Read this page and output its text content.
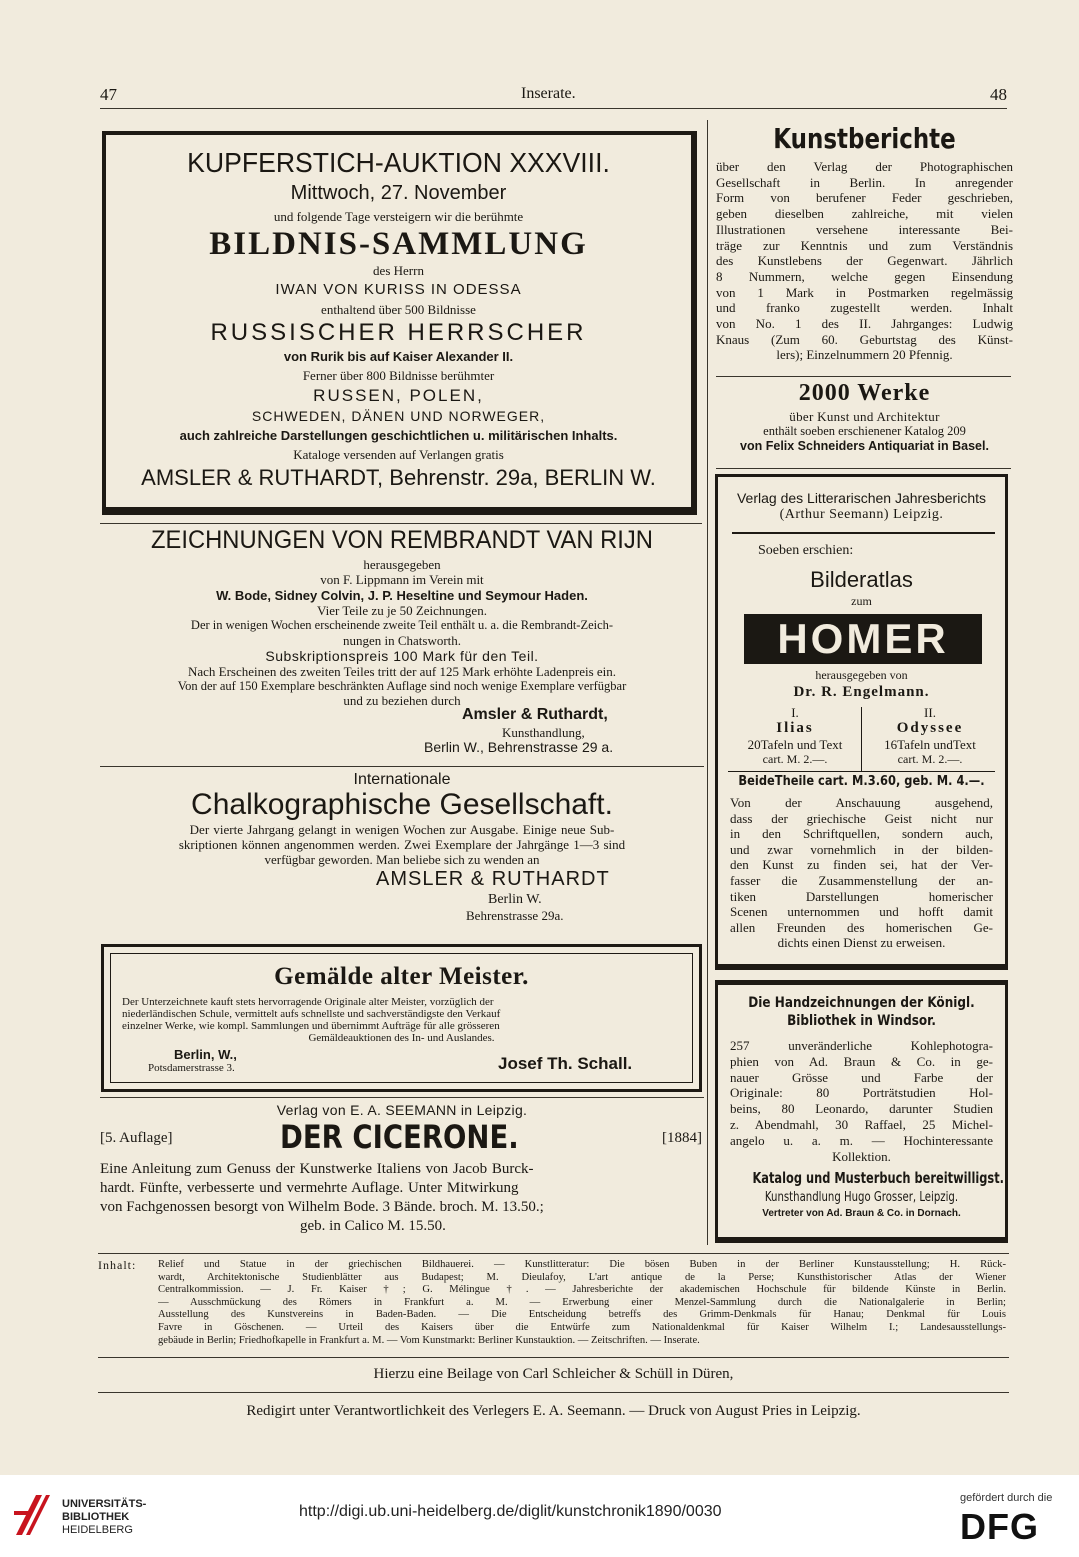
47	Inserate.	48

KUPFERSTICH-AUKTION XXXVIII.

Mittwoch, 27. November

und folgende Tage versteigern wir die berühmte

BILDNIS-SAMMLUNG

des Herrn

IWAN VON KURISS IN ODESSA

enthaltend über 500 Bildnisse

RUSSISCHER HERRSCHER

von Rurik bis auf Kaiser Alexander II.

Ferner über 800 Bildnisse berühmter

RUSSEN, POLEN,

SCHWEDEN, DÄNEN UND NORWEGER,

auch zahlreiche Darstellungen geschichtlichen u. militärischen Inhalts.

Kataloge versenden auf Verlangen gratis

AMSLER & RUTHARDT, Behrenstr. 29a, BERLIN W.

ZEICHNUNGEN VON REMBRANDT VAN RIJN

herausgegeben

von F. Lippmann im Verein mit

W. Bode, Sidney Colvin, J. P. Heseltine und Seymour Haden.

Vier Teile zu je 50 Zeichnungen.

Der in wenigen Wochen erscheinende zweite Teil enthält u. a. die Rembrandt-Zeich-

nungen in Chatsworth.

Subskriptionspreis 100 Mark für den Teil.

Nach Erscheinen des zweiten Teiles tritt der auf 125 Mark erhöhte Ladenpreis ein.

Von der auf 150 Exemplare beschränkten Auflage sind noch wenige Exemplare verfügbar

und zu beziehen durch

Amsler & Ruthardt,

Kunsthandlung,

Berlin W., Behrenstrasse 29 a.

Internationale

Chalkographische Gesellschaft.

Der vierte Jahrgang gelangt in wenigen Wochen zur Ausgabe. Einige neue Sub-

skriptionen können angenommen werden. Zwei Exemplare der Jahrgänge 1—3 sind

verfügbar geworden. Man beliebe sich zu wenden an

AMSLER & RUTHARDT

Berlin W.

Behrenstrasse 29a.

Gemälde alter Meister.

Der Unterzeichnete kauft stets hervorragende Originale alter Meister, vorzüglich der

niederländischen Schule, vermittelt aufs schnellste und sachverständigste den Verkauf

einzelner Werke, wie kompl. Sammlungen und übernimmt Aufträge für alle grösseren

Gemäldeauktionen des In- und Auslandes.

Berlin, W.,

Potsdamerstrasse 3.	Josef Th. Schall.

Verlag von E. A. SEEMANN in Leipzig.

[5. Auflage]	DER CICERONE.	[1884]

Eine Anleitung zum Genuss der Kunstwerke Italiens von Jacob Burck-

hardt. Fünfte, verbesserte und vermehrte Auflage. Unter Mitwirkung

von Fachgenossen besorgt von Wilhelm Bode. 3 Bände. broch. M. 13.50.;

geb. in Calico M. 15.50.

Kunstberichte

über den Verlag der Photographischen

Gesellschaft in Berlin. In anregender

Form von berufener Feder geschrieben,

geben dieselben zahlreiche, mit vielen

Illustrationen versehene interessante Bei-

träge zur Kenntnis und zum Verständnis

des Kunstlebens der Gegenwart. Jährlich

8 Nummern, welche gegen Einsendung

von 1 Mark in Postmarken regelmässig

und franko zugestellt werden. Inhalt

von No. 1 des II. Jahrganges: Ludwig

Knaus (Zum 60. Geburtstag des Künst-

lers); Einzelnummern 20 Pfennig.

2000 Werke

über Kunst und Architektur

enthält soeben erschienener Katalog 209

von Felix Schneiders Antiquariat in Basel.

Verlag des Litterarischen Jahresberichts

(Arthur Seemann) Leipzig.

Soeben erschien:

Bilderatlas

zum

HOMER

herausgegeben von

Dr. R. Engelmann.

I.

Ilias

20Tafeln und Text

cart. M. 2.—.

II.

Odyssee

16Tafeln undText

cart. M. 2.—.

BeideTheile cart. M.3.60, geb. M. 4.—.

Von der Anschauung ausgehend,

dass der griechische Geist nicht nur

in den Schriftquellen, sondern auch,

und zwar vornehmlich in der bilden-

den Kunst zu finden sei, hat der Ver-

fasser die Zusammenstellung der an-

tiken Darstellungen homerischer

Scenen unternommen und hofft damit

allen Freunden des homerischen Ge-

dichts einen Dienst zu erweisen.

Die Handzeichnungen der Königl.

Bibliothek in Windsor.

257 unveränderliche Kohlephotogra-

phien von Ad. Braun & Co. in ge-

nauer Grösse und Farbe der

Originale: 80 Porträtstudien Hol-

beins, 80 Leonardo, darunter Studien

z. Abendmahl, 30 Raffael, 25 Michel-

angelo u. a. m. — Hochinteressante

Kollektion.

Katalog und Musterbuch bereitwilligst.

Kunsthandlung Hugo Grosser, Leipzig.

Vertreter von Ad. Braun & Co. in Dornach.

Inhalt: Relief und Statue in der griechischen Bildhauerei. — Kunstlitteratur: Die bösen Buben in der Berliner Kunstausstellung; H. Rück-

wardt, Architektonische Studienblätter aus Budapest; M. Dieulafoy, L'art antique de la Perse; Kunsthistorischer Atlas der Wiener

Centralkommission. — J. Fr. Kaiser †; G. Mélingue †. — Jahresberichte der akademischen Hochschule für bildende Künste in Berlin.

— Ausschmückung des Römers in Frankfurt a. M. — Erwerbung einer Menzel-Sammlung durch die Nationalgalerie in Berlin;

Ausstellung des Kunstvereins in Baden-Baden. — Die Entscheidung betreffs des Grimm-Denkmals für Hanau; Denkmal für Louis

Favre in Göschenen. — Urteil des Kaisers über die Entwürfe zum Nationaldenkmal für Kaiser Wilhelm I.; Landesausstellungs-

gebäude in Berlin; Friedhofkapelle in Frankfurt a. M. — Vom Kunstmarkt: Berliner Kunstauktion. — Zeitschriften. — Inserate.

Hierzu eine Beilage von Carl Schleicher & Schüll in Düren,

Redigirt unter Verantwortlichkeit des Verlegers E. A. Seemann. — Druck von August Pries in Leipzig.

UNIVERSITÄTS-

BIBLIOTHEK

HEIDELBERG

http://digi.ub.uni-heidelberg.de/diglit/kunstchronik1890/0030

gefördert durch die

DFG
